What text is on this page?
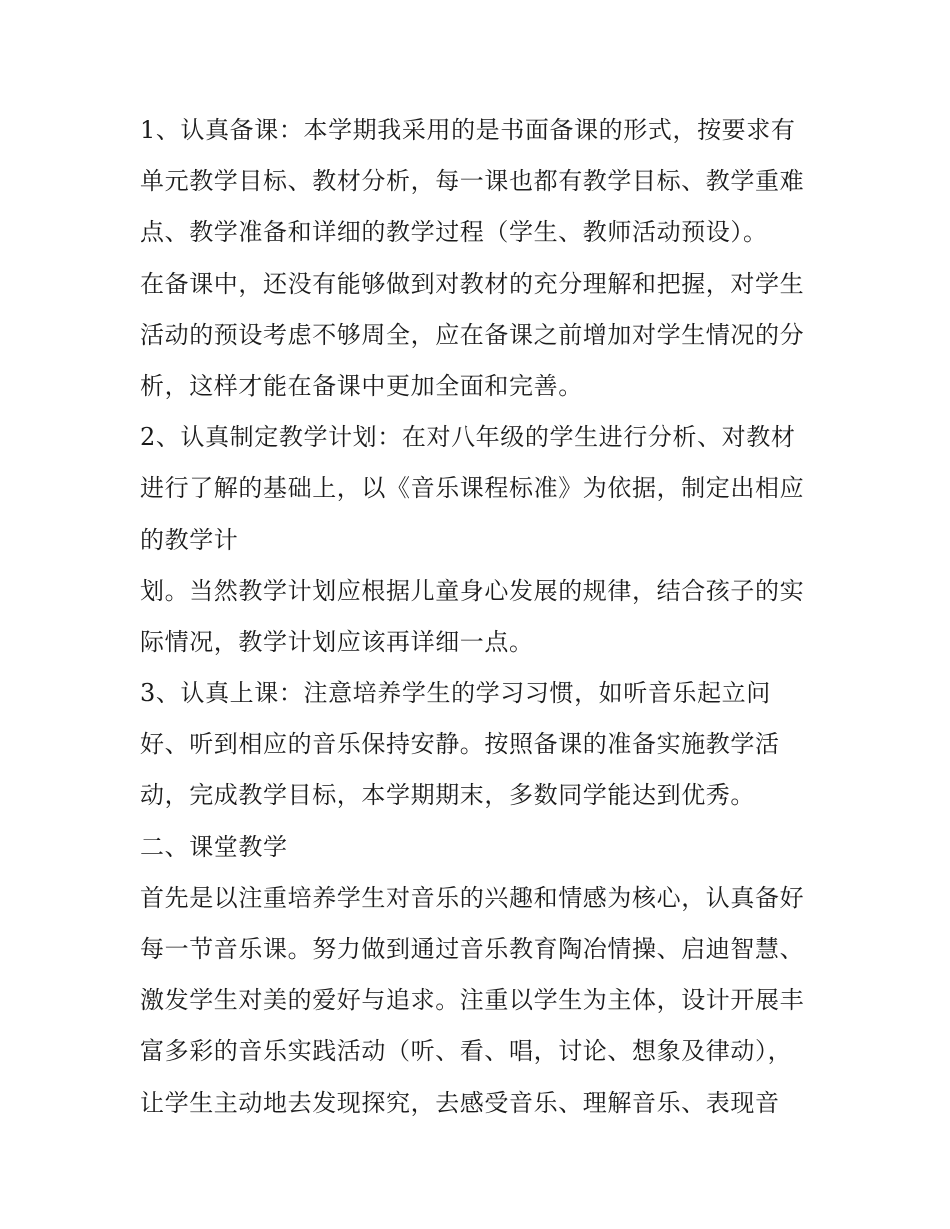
1、认真备课：本学期我采用的是书面备课的形式，按要求有
单元教学目标、教材分析，每一课也都有教学目标、教学重难
点、教学准备和详细的教学过程（学生、教师活动预设）。
在备课中，还没有能够做到对教材的充分理解和把握，对学生
活动的预设考虑不够周全，应在备课之前增加对学生情况的分
析，这样才能在备课中更加全面和完善。
2、认真制定教学计划：在对八年级的学生进行分析、对教材
进行了解的基础上，以《音乐课程标准》为依据，制定出相应
的教学计
划。当然教学计划应根据儿童身心发展的规律，结合孩子的实
际情况，教学计划应该再详细一点。
3、认真上课：注意培养学生的学习习惯，如听音乐起立问
好、听到相应的音乐保持安静。按照备课的准备实施教学活
动，完成教学目标，本学期期末，多数同学能达到优秀。
二、课堂教学
首先是以注重培养学生对音乐的兴趣和情感为核心，认真备好
每一节音乐课。努力做到通过音乐教育陶冶情操、启迪智慧、
激发学生对美的爱好与追求。注重以学生为主体，设计开展丰
富多彩的音乐实践活动（听、看、唱，讨论、想象及律动），
让学生主动地去发现探究，去感受音乐、理解音乐、表现音
